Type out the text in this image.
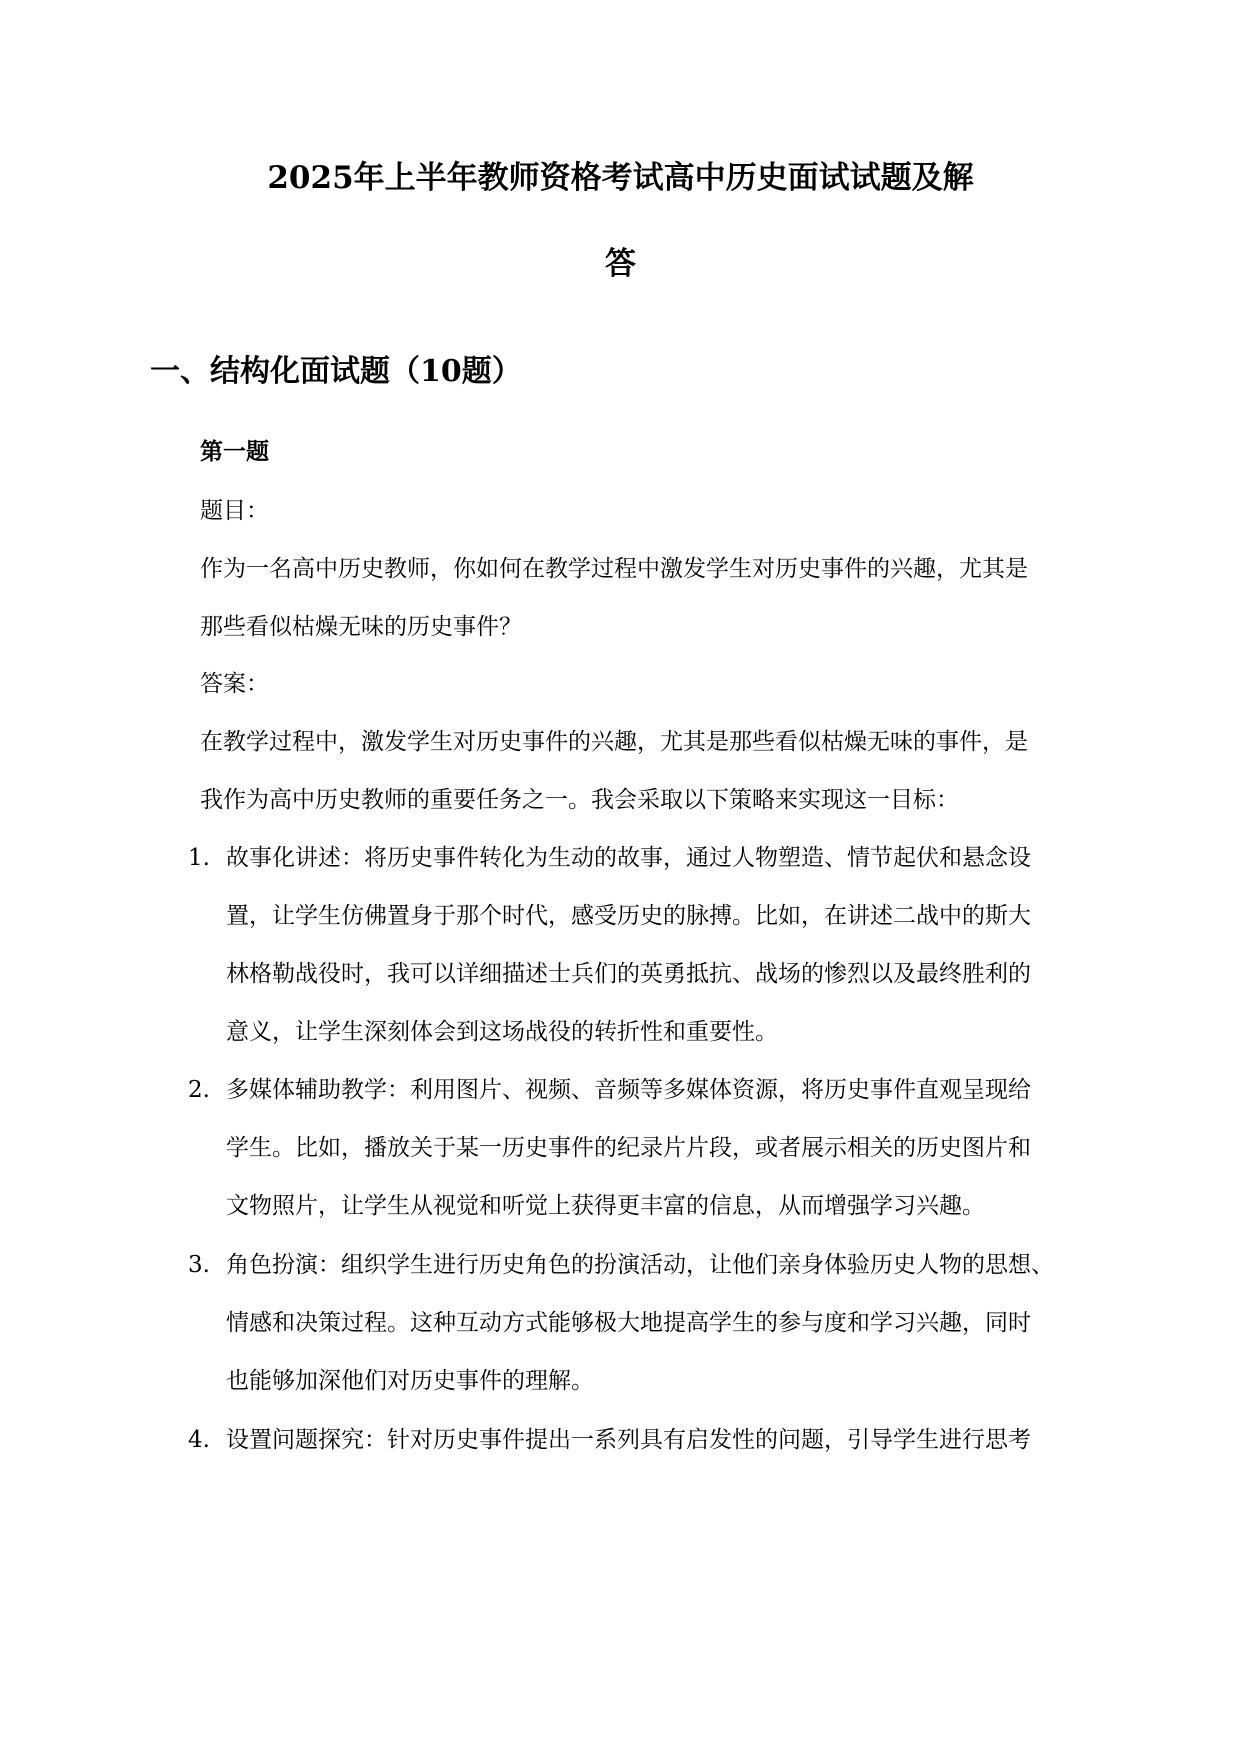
2025年上半年教师资格考试高中历史面试试题及解
答
一、结构化面试题（10题）
第一题

题目：

作为一名高中历史教师，你如何在教学过程中激发学生对历史事件的兴趣，尤其是

那些看似枯燥无味的历史事件？

答案：

在教学过程中，激发学生对历史事件的兴趣，尤其是那些看似枯燥无味的事件，是

我作为高中历史教师的重要任务之一。我会采取以下策略来实现这一目标：

1. 故事化讲述：将历史事件转化为生动的故事，通过人物塑造、情节起伏和悬念设

置，让学生仿佛置身于那个时代，感受历史的脉搏。比如，在讲述二战中的斯大

林格勒战役时，我可以详细描述士兵们的英勇抵抗、战场的惨烈以及最终胜利的

意义，让学生深刻体会到这场战役的转折性和重要性。

2. 多媒体辅助教学：利用图片、视频、音频等多媒体资源，将历史事件直观呈现给

学生。比如，播放关于某一历史事件的纪录片片段，或者展示相关的历史图片和

文物照片，让学生从视觉和听觉上获得更丰富的信息，从而增强学习兴趣。

3. 角色扮演：组织学生进行历史角色的扮演活动，让他们亲身体验历史人物的思想、

情感和决策过程。这种互动方式能够极大地提高学生的参与度和学习兴趣，同时

也能够加深他们对历史事件的理解。

4. 设置问题探究：针对历史事件提出一系列具有启发性的问题，引导学生进行思考
